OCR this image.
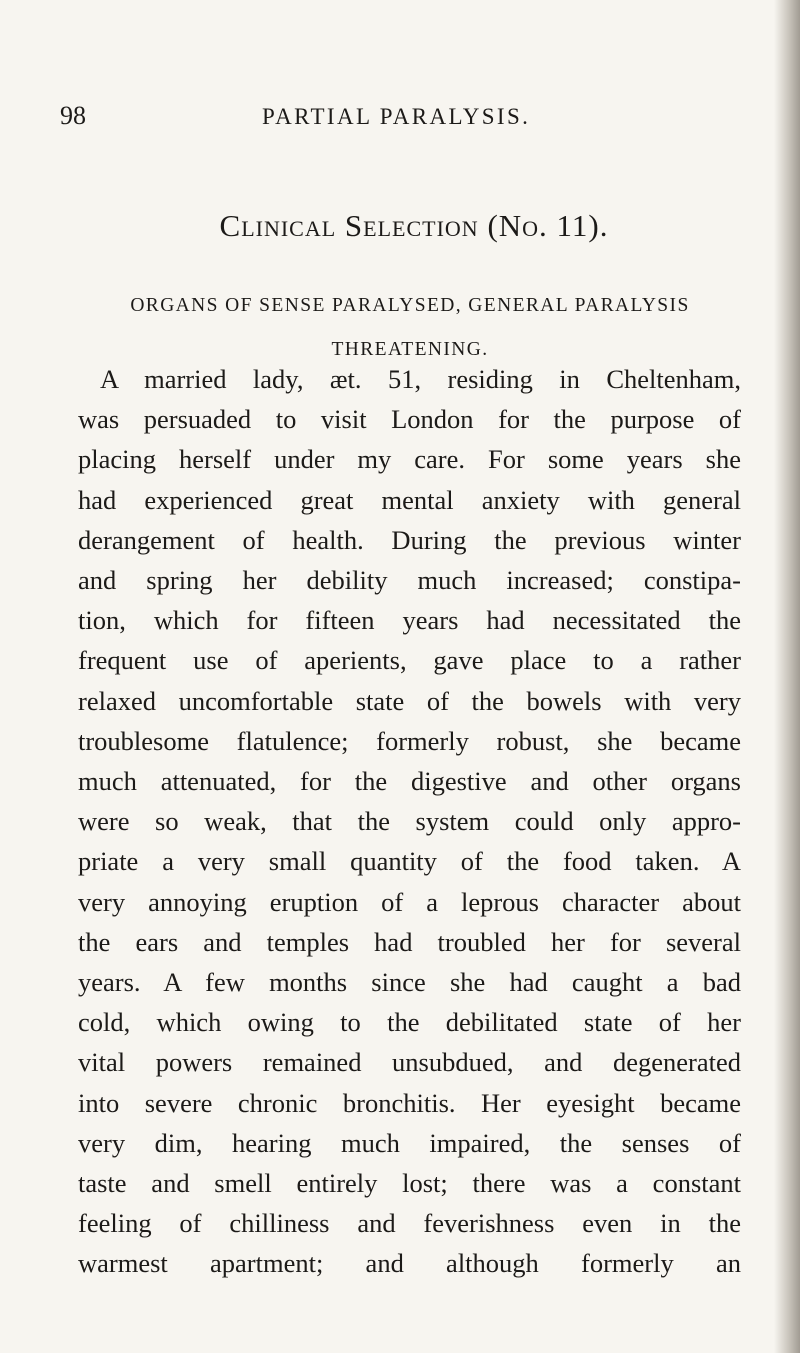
98	PARTIAL PARALYSIS.
Clinical Selection (No. 11).
ORGANS OF SENSE PARALYSED, GENERAL PARALYSIS
THREATENING.
A married lady, æt. 51, residing in Cheltenham,
was persuaded to visit London for the purpose of
placing herself under my care. For some years she
had experienced great mental anxiety with general
derangement of health. During the previous winter
and spring her debility much increased; constipa-
tion, which for fifteen years had necessitated the
frequent use of aperients, gave place to a rather
relaxed uncomfortable state of the bowels with very
troublesome flatulence; formerly robust, she became
much attenuated, for the digestive and other organs
were so weak, that the system could only appro-
priate a very small quantity of the food taken. A
very annoying eruption of a leprous character about
the ears and temples had troubled her for several
years. A few months since she had caught a bad
cold, which owing to the debilitated state of her
vital powers remained unsubdued, and degenerated
into severe chronic bronchitis. Her eyesight became
very dim, hearing much impaired, the senses of
taste and smell entirely lost; there was a constant
feeling of chilliness and feverishness even in the
warmest apartment; and although formerly an
